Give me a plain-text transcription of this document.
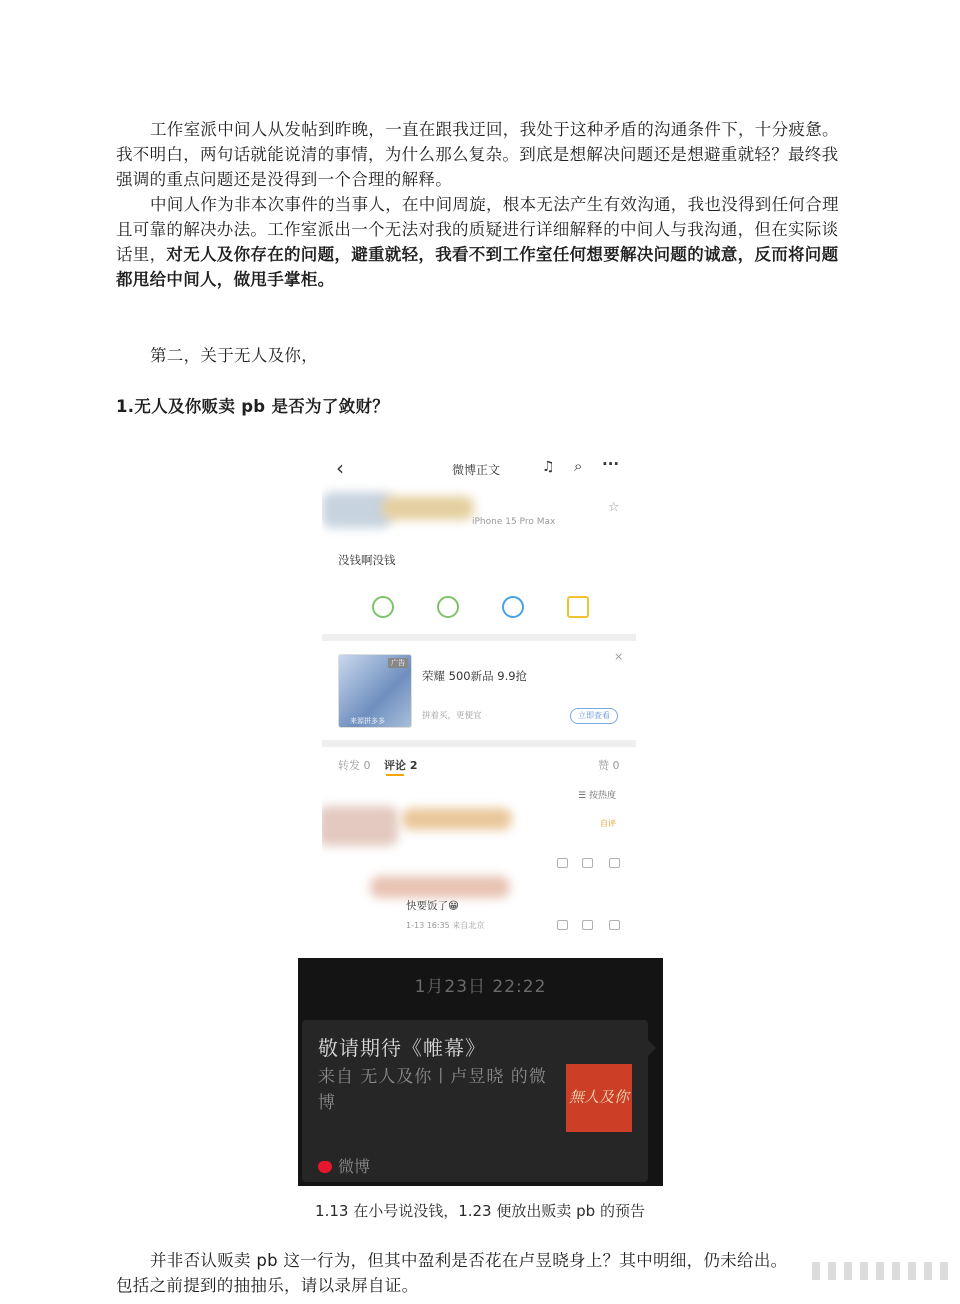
工作室派中间人从发帖到昨晚，一直在跟我迂回，我处于这种矛盾的沟通条件下，十分疲惫。我不明白，两句话就能说清的事情，为什么那么复杂。到底是想解决问题还是想避重就轻？最终我强调的重点问题还是没得到一个合理的解释。

中间人作为非本次事件的当事人，在中间周旋，根本无法产生有效沟通，我也没得到任何合理且可靠的解决办法。工作室派出一个无法对我的质疑进行详细解释的中间人与我沟通，但在实际谈话里，对无人及你存在的问题，避重就轻，我看不到工作室任何想要解决问题的诚意，反而将问题都甩给中间人，做甩手掌柜。

第二，关于无人及你，

1.无人及你贩卖 pb 是否为了敛财？

‹	微博正文	♫ ⌕ ···
iPhone 15 Pro Max
☆
没钱啊没钱
广告
来源拼多多
荣耀 500新品 9.9抢
拼着买，更便宜	立即查看
×
转发 0 评论 2	赞 0
☰ 按热度
自评
快要饭了😁
1-13 16:35 来自北京
1月23日 22:22
敬请期待《帷幕》
来自 无人及你丨卢昱晓 的微博	無人及你
微博

1.13 在小号说没钱，1.23 便放出贩卖 pb 的预告

并非否认贩卖 pb 这一行为，但其中盈利是否花在卢昱晓身上？其中明细，仍未给出。包括之前提到的抽抽乐，请以录屏自证。
